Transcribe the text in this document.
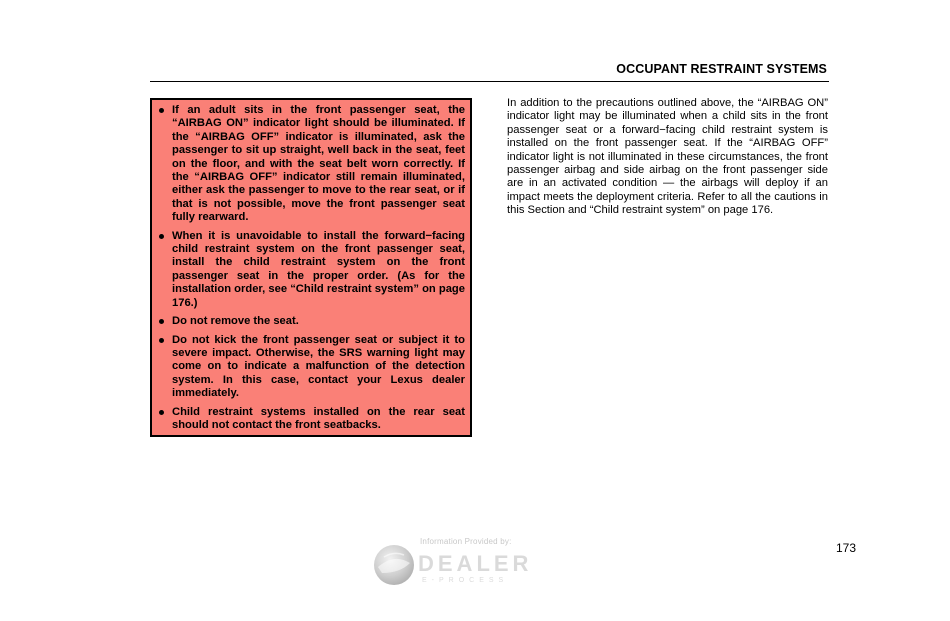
OCCUPANT RESTRAINT SYSTEMS
If an adult sits in the front passenger seat, the “AIRBAG ON” indicator light should be illuminated. If the “AIRBAG OFF” indicator is illuminated, ask the passenger to sit up straight, well back in the seat, feet on the floor, and with the seat belt worn correctly. If the “AIRBAG OFF” indicator still remain illuminated, either ask the passenger to move to the rear seat, or if that is not possible, move the front passenger seat fully rearward.
When it is unavoidable to install the forward−facing child restraint system on the front passenger seat, install the child restraint system on the front passenger seat in the proper order. (As for the installation order, see “Child restraint system” on page 176.)
Do not remove the seat.
Do not kick the front passenger seat or subject it to severe impact. Otherwise, the SRS warning light may come on to indicate a malfunction of the detection system. In this case, contact your Lexus dealer immediately.
Child restraint systems installed on the rear seat should not contact the front seatbacks.

In addition to the precautions outlined above, the “AIRBAG ON” indicator light may be illuminated when a child sits in the front passenger seat or a forward−facing child restraint system is installed on the front passenger seat. If the “AIRBAG OFF” indicator light is not illuminated in these circumstances, the front passenger airbag and side airbag on the front passenger side are in an activated condition — the airbags will deploy if an impact meets the deployment criteria. Refer to all the cautions in this Section and “Child restraint system” on page 176.

173
Information Provided by:
DEALER
E-PROCESS
